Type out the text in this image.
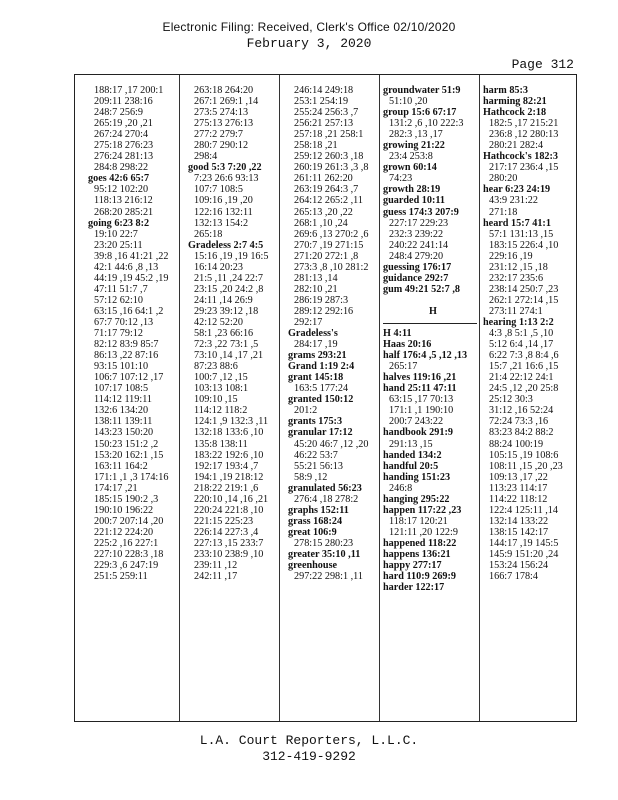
Electronic Filing: Received, Clerk's Office 02/10/2020
February 3, 2020
Page 312
188:17 ,17 200:1
209:11 238:16
248:7 256:9
265:19 ,20 ,21
267:24 270:4
275:18 276:23
276:24 281:13
284:8 298:22
goes 42:6 65:7
95:12 102:20
118:13 216:12
268:20 285:21
going 6:23 8:2
19:10 22:7
23:20 25:11
39:8 ,16 41:21 ,22
42:1 44:6 ,8 ,13
44:19 ,19 45:2 ,19
47:11 51:7 ,7
57:12 62:10
63:15 ,16 64:1 ,2
67:7 70:12 ,13
71:17 79:12
82:12 83:9 85:7
86:13 ,22 87:16
93:15 101:10
106:7 107:12 ,17
107:17 108:5
114:12 119:11
132:6 134:20
138:11 139:11
143:23 150:20
150:23 151:2 ,2
153:20 162:1 ,15
163:11 164:2
171:1 ,1 ,3 174:16
174:17 ,21
185:15 190:2 ,3
190:10 196:22
200:7 207:14 ,20
221:12 224:20
225:2 ,16 227:1
227:10 228:3 ,18
229:3 ,6 247:19
251:5 259:11
263:18 264:20
267:1 269:1 ,14
273:5 274:13
275:13 276:13
277:2 279:7
280:7 290:12
298:4
good 5:3 7:20 ,22
7:23 26:6 93:13
107:7 108:5
109:16 ,19 ,20
122:16 132:11
132:13 154:2
265:18
Gradeless 2:7 4:5
15:16 ,19 ,19 16:5
16:14 20:23
21:5 ,11 ,24 22:7
23:15 ,20 24:2 ,8
24:11 ,14 26:9
29:23 39:12 ,18
42:12 52:20
58:1 ,23 66:16
72:3 ,22 73:1 ,5
73:10 ,14 ,17 ,21
87:23 88:6
100:7 ,12 ,15
103:13 108:1
109:10 ,15
114:12 118:2
124:1 ,9 132:3 ,11
132:18 133:6 ,10
135:8 138:11
183:22 192:6 ,10
192:17 193:4 ,7
194:1 ,19 218:12
218:22 219:1 ,6
220:10 ,14 ,16 ,21
220:24 221:8 ,10
221:15 225:23
226:14 227:3 ,4
227:13 ,15 233:7
233:10 238:9 ,10
239:11 ,12
242:11 ,17
246:14 249:18
253:1 254:19
255:24 256:3 ,7
256:21 257:13
257:18 ,21 258:1
258:18 ,21
259:12 260:3 ,18
260:19 261:3 ,3 ,8
261:11 262:20
263:19 264:3 ,7
264:12 265:2 ,11
265:13 ,20 ,22
268:1 ,10 ,24
269:6 ,13 270:2 ,6
270:7 ,19 271:15
271:20 272:1 ,8
273:3 ,8 ,10 281:2
281:13 ,14
282:10 ,21
286:19 287:3
289:12 292:16
292:17
Gradeless's
284:17 ,19
grams 293:21
Grand 1:19 2:4
grant 145:18
163:5 177:24
granted 150:12
201:2
grants 175:3
granular 17:12
45:20 46:7 ,12 ,20
46:22 53:7
55:21 56:13
58:9 ,12
granulated 56:23
276:4 ,18 278:2
graphs 152:11
grass 168:24
great 106:9
278:15 280:23
greater 35:10 ,11
greenhouse
297:22 298:1 ,11
groundwater 51:9
51:10 ,20
group 15:6 67:17
131:2 ,6 ,10 222:3
282:3 ,13 ,17
growing 21:22
23:4 253:8
grown 60:14
74:23
growth 28:19
guarded 10:11
guess 174:3 207:9
227:17 229:23
232:3 239:22
240:22 241:14
248:4 279:20
guessing 176:17
guidance 292:7
gum 49:21 52:7 ,8
H
H 4:11
Haas 20:16
half 176:4 ,5 ,12 ,13
265:17
halves 119:16 ,21
hand 25:11 47:11
63:15 ,17 70:13
171:1 ,1 190:10
200:7 243:22
handbook 291:9
291:13 ,15
handed 134:2
handful 20:5
handing 151:23
246:8
hanging 295:22
happen 117:22 ,23
118:17 120:21
121:11 ,20 122:9
happened 118:22
happens 136:21
happy 277:17
hard 110:9 269:9
harder 122:17
harm 85:3
harming 82:21
Hathcock 2:18
182:5 ,17 215:21
236:8 ,12 280:13
280:21 282:4
Hathcock's 182:3
217:17 236:4 ,15
280:20
hear 6:23 24:19
43:9 231:22
271:18
heard 15:7 41:1
57:1 131:13 ,15
183:15 226:4 ,10
229:16 ,19
231:12 ,15 ,18
232:17 235:6
238:14 250:7 ,23
262:1 272:14 ,15
273:11 274:1
hearing 1:13 2:2
4:3 ,8 5:1 ,5 ,10
5:12 6:4 ,14 ,17
6:22 7:3 ,8 8:4 ,6
15:7 ,21 16:6 ,15
21:4 22:12 24:1
24:5 ,12 ,20 25:8
25:12 30:3
31:12 ,16 52:24
72:24 73:3 ,16
83:23 84:2 88:2
88:24 100:19
105:15 ,19 108:6
108:11 ,15 ,20 ,23
109:13 ,17 ,22
113:23 114:17
114:22 118:12
122:4 125:11 ,14
132:14 133:22
138:15 142:17
144:17 ,19 145:5
145:9 151:20 ,24
153:24 156:24
166:7 178:4
L.A. Court Reporters, L.L.C.
312-419-9292
